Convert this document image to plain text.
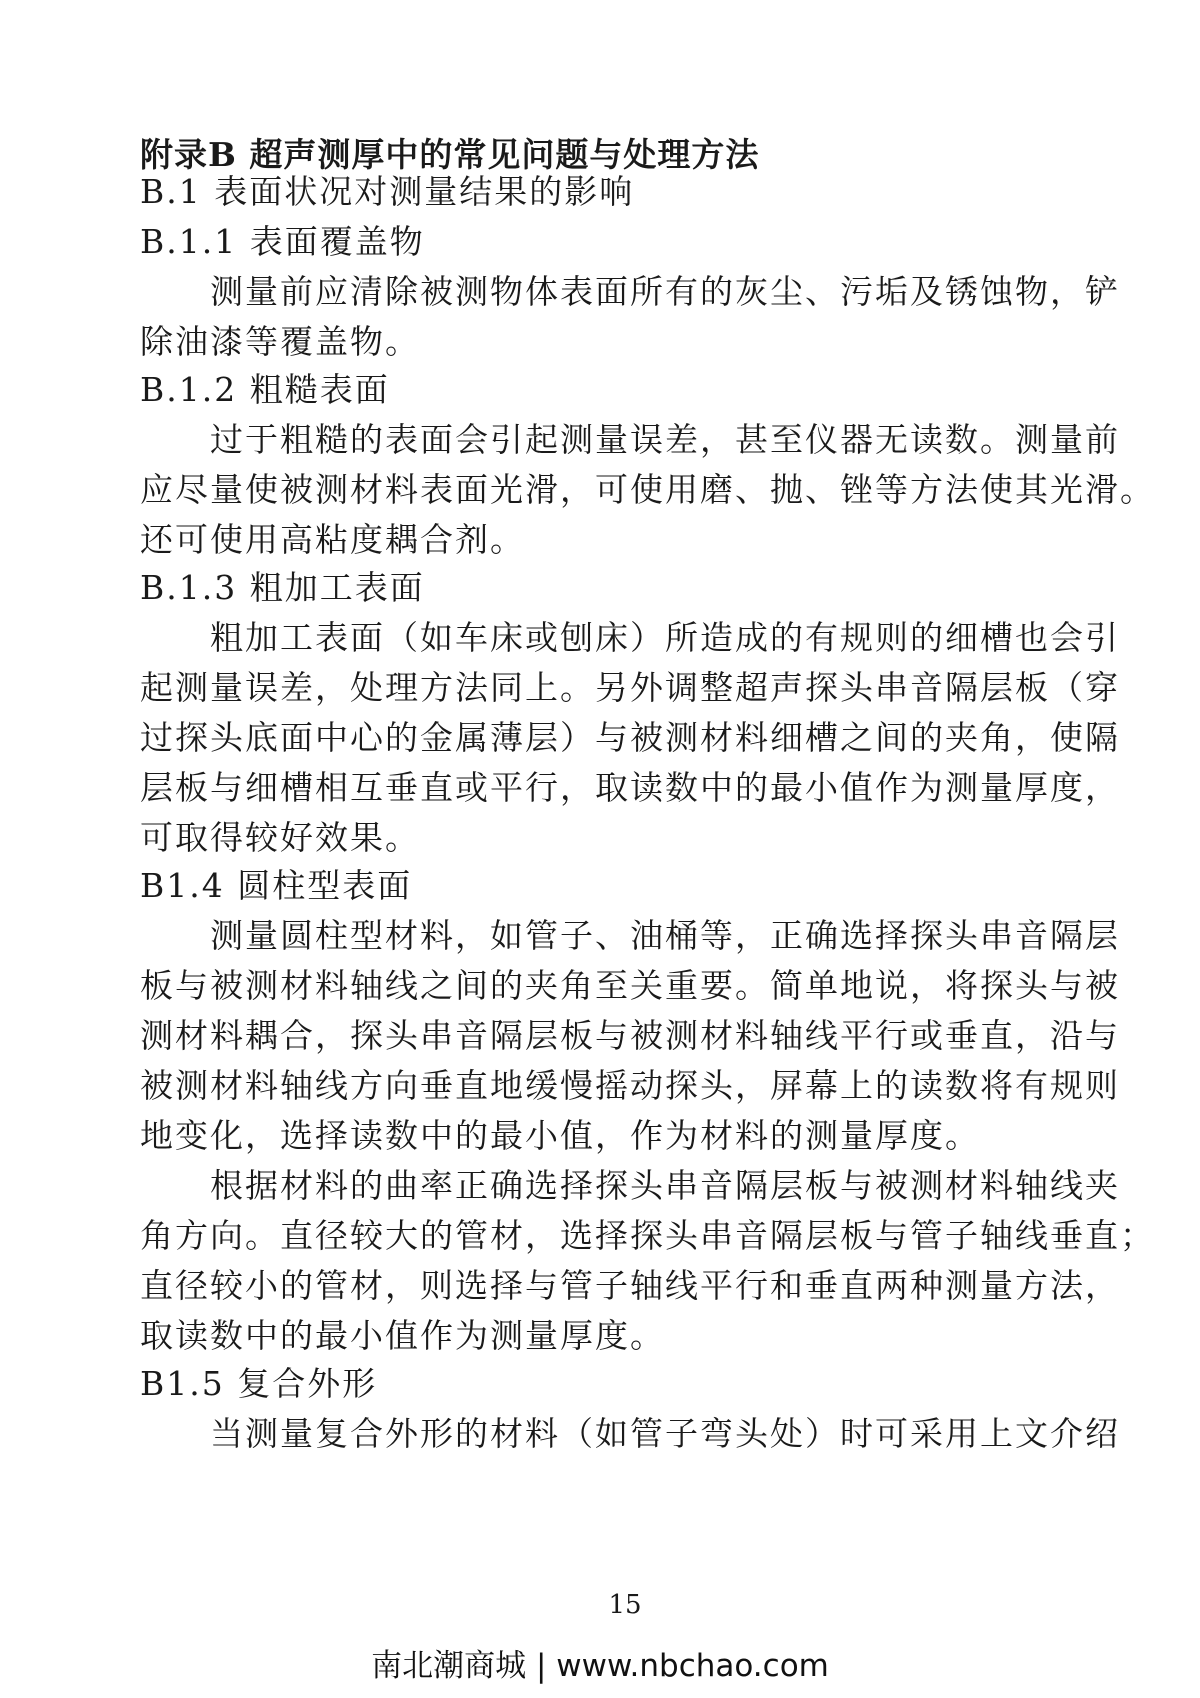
附录B 超声测厚中的常见问题与处理方法
B.1 表面状况对测量结果的影响
B.1.1 表面覆盖物
测量前应清除被测物体表面所有的灰尘、污垢及锈蚀物，铲
除油漆等覆盖物。
B.1.2 粗糙表面
过于粗糙的表面会引起测量误差，甚至仪器无读数。测量前
应尽量使被测材料表面光滑，可使用磨、抛、锉等方法使其光滑。
还可使用高粘度耦合剂。
B.1.3 粗加工表面
粗加工表面（如车床或刨床）所造成的有规则的细槽也会引
起测量误差，处理方法同上。另外调整超声探头串音隔层板（穿
过探头底面中心的金属薄层）与被测材料细槽之间的夹角，使隔
层板与细槽相互垂直或平行，取读数中的最小值作为测量厚度，
可取得较好效果。
B1.4 圆柱型表面
测量圆柱型材料，如管子、油桶等，正确选择探头串音隔层
板与被测材料轴线之间的夹角至关重要。简单地说，将探头与被
测材料耦合，探头串音隔层板与被测材料轴线平行或垂直，沿与
被测材料轴线方向垂直地缓慢摇动探头，屏幕上的读数将有规则
地变化，选择读数中的最小值，作为材料的测量厚度。
根据材料的曲率正确选择探头串音隔层板与被测材料轴线夹
角方向。直径较大的管材，选择探头串音隔层板与管子轴线垂直；
直径较小的管材，则选择与管子轴线平行和垂直两种测量方法，
取读数中的最小值作为测量厚度。
B1.5 复合外形
当测量复合外形的材料（如管子弯头处）时可采用上文介绍
15
南北潮商城 | www.nbchao.com
